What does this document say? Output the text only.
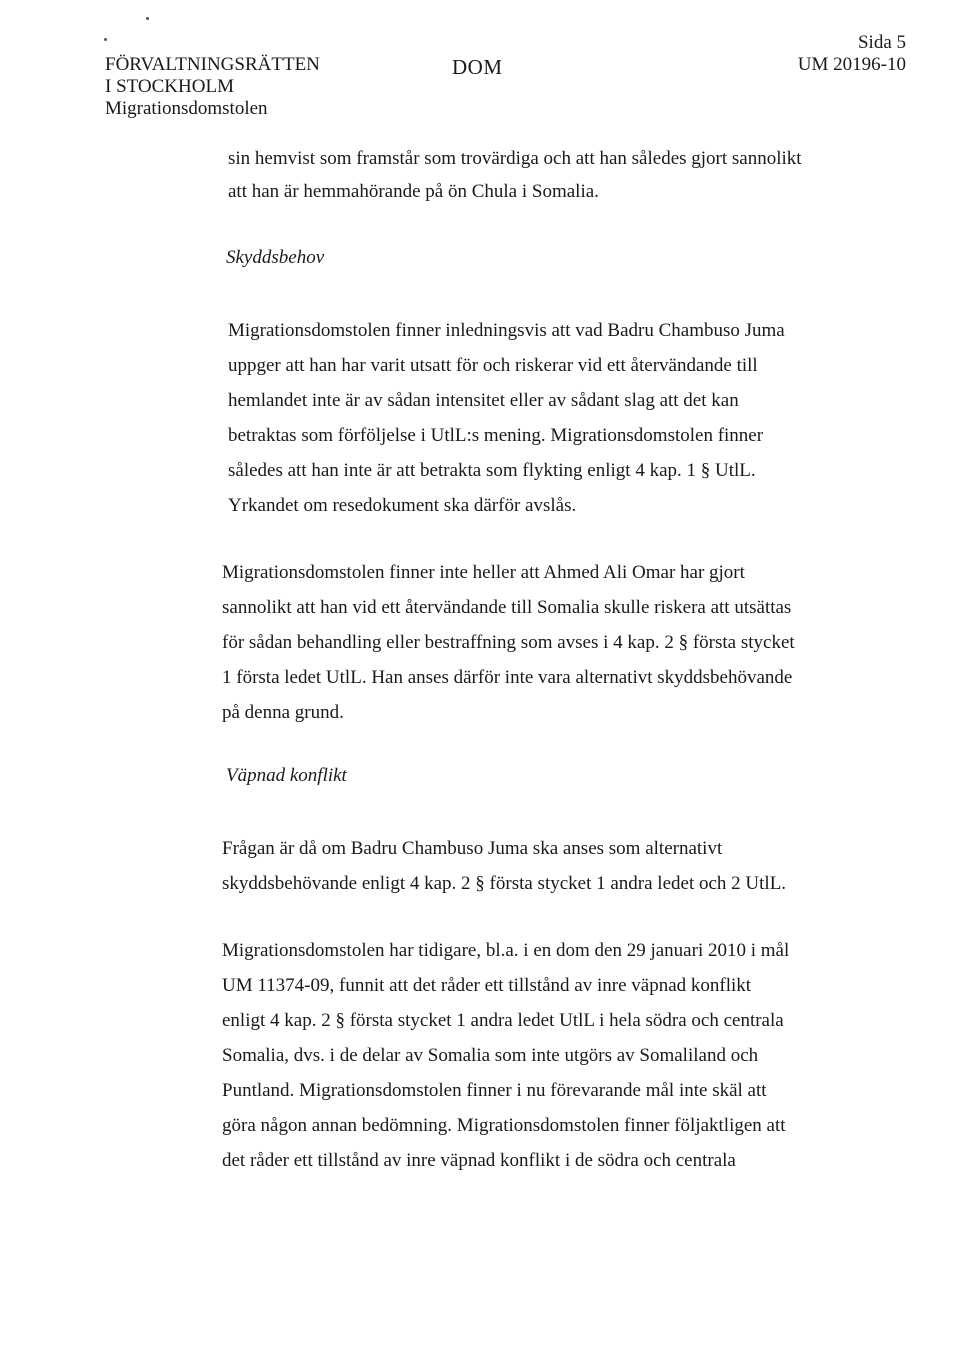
FÖRVALTNINGSRÄTTEN
I STOCKHOLM
Migrationsdomstolen
DOM
Sida 5
UM 20196-10
sin hemvist som framstår som trovärdiga och att han således gjort sannolikt
att han är hemmahörande på ön Chula i Somalia.
Skyddsbehov
Migrationsdomstolen finner inledningsvis att vad Badru Chambuso Juma
uppger att han har varit utsatt för och riskerar vid ett återvändande till
hemlandet inte är av sådan intensitet eller av sådant slag att det kan
betraktas som förföljelse i UtlL:s mening. Migrationsdomstolen finner
således att han inte är att betrakta som flykting enligt 4 kap. 1 § UtlL.
Yrkandet om resedokument ska därför avslås.
Migrationsdomstolen finner inte heller att Ahmed Ali Omar har gjort
sannolikt att han vid ett återvändande till Somalia skulle riskera att utsättas
för sådan behandling eller bestraffning som avses i 4 kap. 2 § första stycket
1 första ledet UtlL. Han anses därför inte vara alternativt skyddsbehövande
på denna grund.
Väpnad konflikt
Frågan är då om Badru Chambuso Juma ska anses som alternativt
skyddsbehövande enligt 4 kap. 2 § första stycket 1 andra ledet och 2 UtlL.
Migrationsdomstolen har tidigare, bl.a. i en dom den 29 januari 2010 i mål
UM 11374-09, funnit att det råder ett tillstånd av inre väpnad konflikt
enligt 4 kap. 2 § första stycket 1 andra ledet UtlL i hela södra och centrala
Somalia, dvs. i de delar av Somalia som inte utgörs av Somaliland och
Puntland. Migrationsdomstolen finner i nu förevarande mål inte skäl att
göra någon annan bedömning. Migrationsdomstolen finner följaktligen att
det råder ett tillstånd av inre väpnad konflikt i de södra och centrala
